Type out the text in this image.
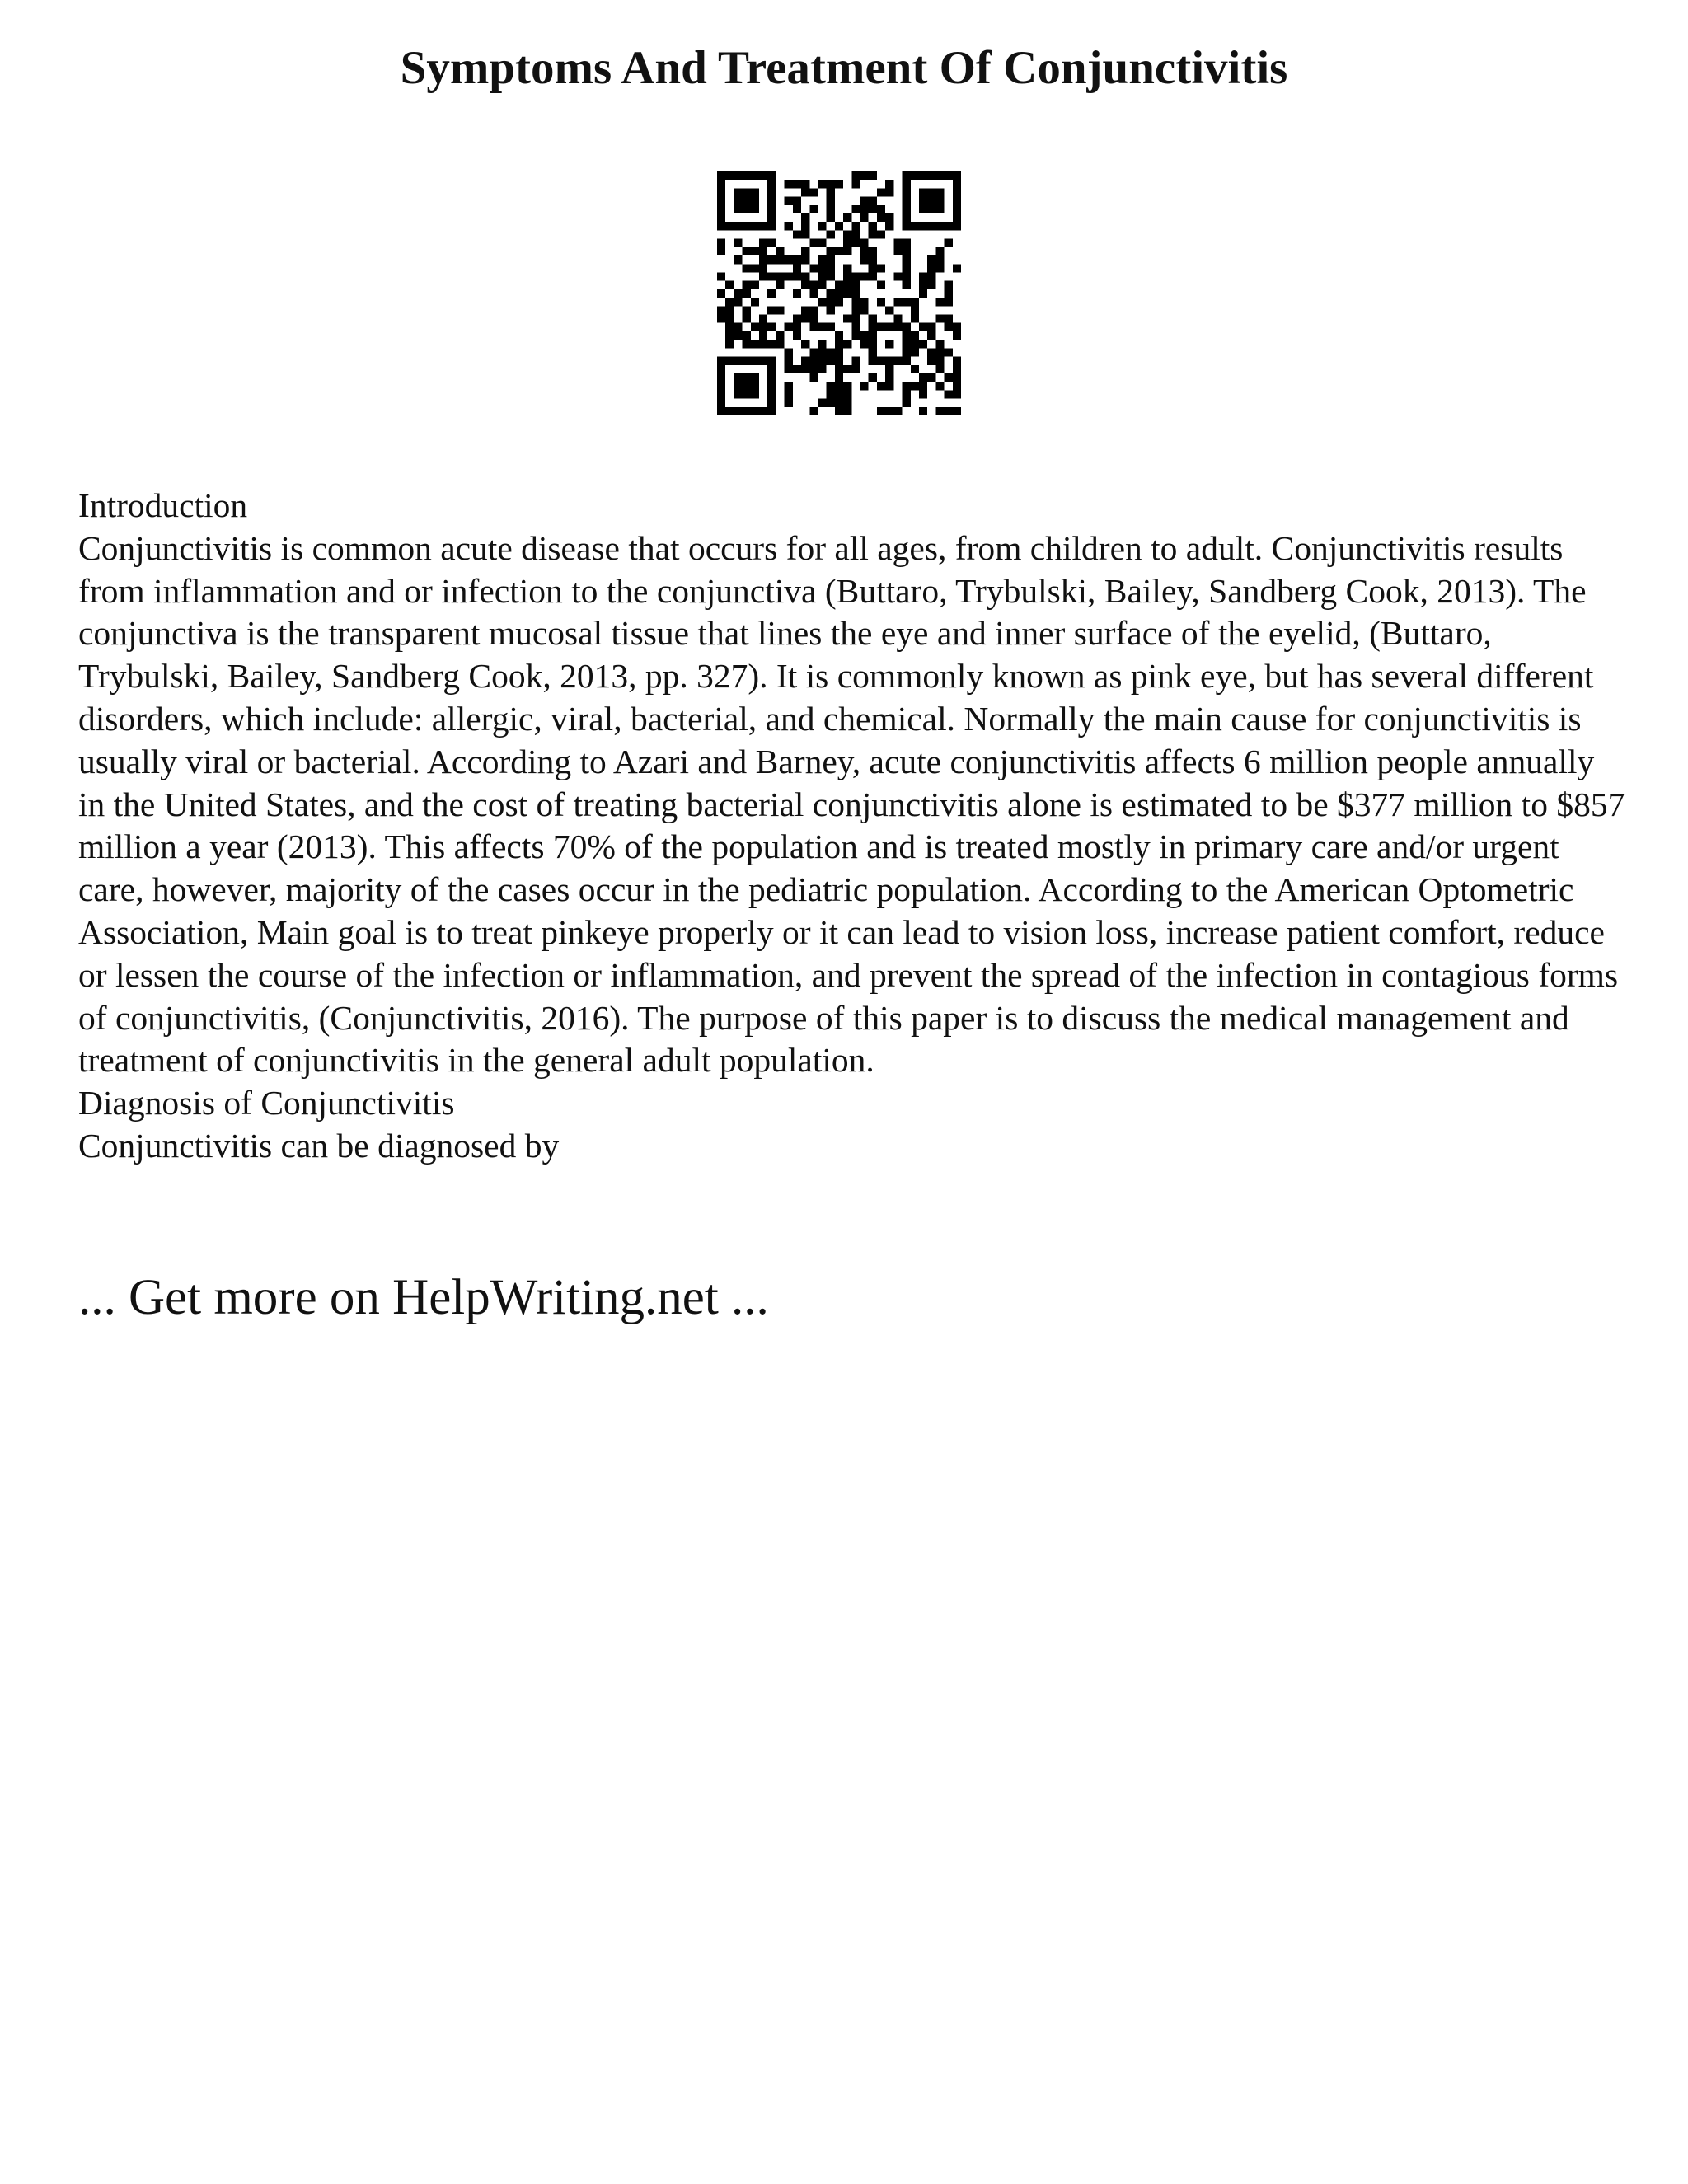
Symptoms And Treatment Of Conjunctivitis

Introduction

Conjunctivitis is common acute disease that occurs for all ages, from children to adult. Conjunctivitis results from inflammation and or infection to the conjunctiva (Buttaro, Trybulski, Bailey, Sandberg Cook, 2013). The conjunctiva is the transparent mucosal tissue that lines the eye and inner surface of the eyelid, (Buttaro, Trybulski, Bailey, Sandberg Cook, 2013, pp. 327). It is commonly known as pink eye, but has several different disorders, which include: allergic, viral, bacterial, and chemical. Normally the main cause for conjunctivitis is usually viral or bacterial. According to Azari and Barney, acute conjunctivitis affects 6 million people annually in the United States, and the cost of treating bacterial conjunctivitis alone is estimated to be $377 million to $857 million a year (2013). This affects 70% of the population and is treated mostly in primary care and/or urgent care, however, majority of the cases occur in the pediatric population. According to the American Optometric Association, Main goal is to treat pinkeye properly or it can lead to vision loss, increase patient comfort, reduce or lessen the course of the infection or inflammation, and prevent the spread of the infection in contagious forms of conjunctivitis, (Conjunctivitis, 2016). The purpose of this paper is to discuss the medical management and treatment of conjunctivitis in the general adult population.

Diagnosis of Conjunctivitis

Conjunctivitis can be diagnosed by

... Get more on HelpWriting.net ...
